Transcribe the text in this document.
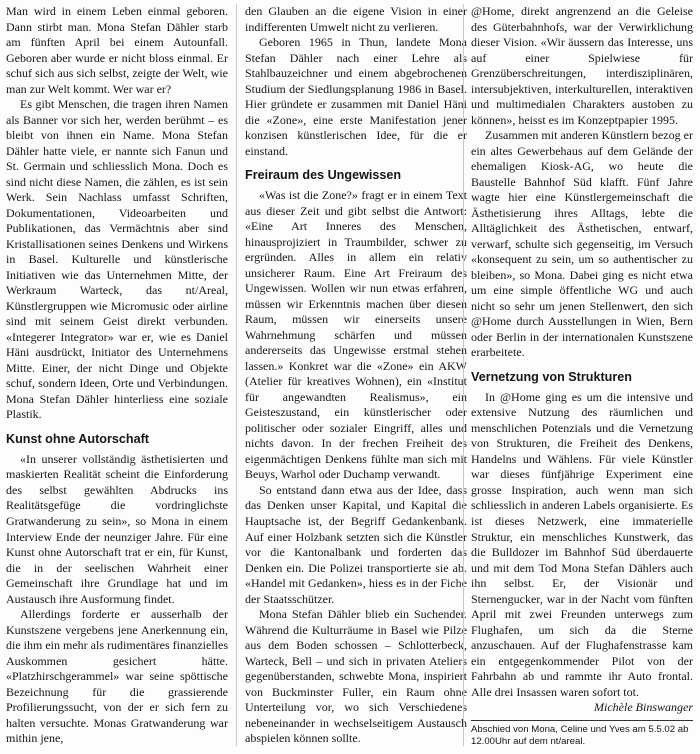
Man wird in einem Leben einmal geboren. Dann stirbt man. Mona Stefan Dähler starb am fünften April bei einem Autounfall. Geboren aber wurde er nicht bloss einmal. Er schuf sich aus sich selbst, zeigte der Welt, wie man zur Welt kommt. Wer war er?

Es gibt Menschen, die tragen ihren Namen als Banner vor sich her, werden berühmt – es bleibt von ihnen ein Name. Mona Stefan Dähler hatte viele, er nannte sich Fanun und St. Germain und schliesslich Mona. Doch es sind nicht diese Namen, die zählen, es ist sein Werk. Sein Nachlass umfasst Schriften, Dokumentationen, Videoarbeiten und Publikationen, das Vermächtnis aber sind Kristallisationen seines Denkens und Wirkens in Basel. Kulturelle und künstlerische Initiativen wie das Unternehmen Mitte, der Werkraum Warteck, das nt/Areal, Künstlergruppen wie Micromusic oder airline sind mit seinem Geist direkt verbunden. «Integerer Integrator» war er, wie es Daniel Häni ausdrückt, Initiator des Unternehmens Mitte. Einer, der nicht Dinge und Objekte schuf, sondern Ideen, Orte und Verbindungen. Mona Stefan Dähler hinterliess eine soziale Plastik.

Kunst ohne Autorschaft

«In unserer vollständig ästhetisierten und maskierten Realität scheint die Einforderung des selbst gewählten Abdrucks ins Realitätsgefüge die vordringlichste Gratwanderung zu sein», so Mona in einem Interview Ende der neunziger Jahre. Für eine Kunst ohne Autorschaft trat er ein, für Kunst, die in der seelischen Wahrheit einer Gemeinschaft ihre Grundlage hat und im Austausch ihre Ausformung findet.

Allerdings forderte er ausserhalb der Kunstszene vergebens jene Anerkennung ein, die ihm ein mehr als rudimentäres finanzielles Auskommen gesichert hätte. «Platzhirschgerammel» war seine spöttische Bezeichnung für die grassierende Profilierungssucht, von der er sich fern zu halten versuchte. Monas Gratwanderung war mithin jene,

den Glauben an die eigene Vision in einer indifferenten Umwelt nicht zu verlieren.

Geboren 1965 in Thun, landete Mona Stefan Dähler nach einer Lehre als Stahlbauzeichner und einem abgebrochenen Studium der Siedlungsplanung 1986 in Basel. Hier gründete er zusammen mit Daniel Häni die «Zone», eine erste Manifestation jener konzisen künstlerischen Idee, für die er einstand.

Freiraum des Ungewissen

«Was ist die Zone?» fragt er in einem Text aus dieser Zeit und gibt selbst die Antwort: «Eine Art Inneres des Menschen, hinausprojiziert in Traumbilder, schwer zu ergründen. Alles in allem ein relativ unsicherer Raum. Eine Art Freiraum des Ungewissen. Wollen wir nun etwas erfahren, müssen wir Erkenntnis machen über diesen Raum, müssen wir einerseits unsere Wahrnehmung schärfen und müssen andererseits das Ungewisse erstmal stehen lassen.» Konkret war die «Zone» ein AKW (Atelier für kreatives Wohnen), ein «Institut für angewandten Realismus», ein Geisteszustand, ein künstlerischer oder politischer oder sozialer Eingriff, alles und nichts davon. In der frechen Freiheit des eigenmächtigen Denkens fühlte man sich mit Beuys, Warhol oder Duchamp verwandt.

So entstand dann etwa aus der Idee, dass das Denken unser Kapital, und Kapital die Hauptsache ist, der Begriff Gedankenbank. Auf einer Holzbank setzten sich die Künstler vor die Kantonalbank und forderten das Denken ein. Die Polizei transportierte sie ab. «Handel mit Gedanken», hiess es in der Fiche der Staatsschützer.

Mona Stefan Dähler blieb ein Suchender. Während die Kulturräume in Basel wie Pilze aus dem Boden schossen – Schlotterbeck, Warteck, Bell – und sich in privaten Ateliers gegenüberstanden, schwebte Mona, inspiriert von Buckminster Fuller, ein Raum ohne Unterteilung vor, wo sich Verschiedenes nebeneinander in wechselseitigem Austausch abspielen können sollte.

@Home, direkt angrenzend an die Geleise des Güterbahnhofs, war der Verwirklichung dieser Vision. «Wir äussern das Interesse, uns auf einer Spielwiese für Grenzüberschreitungen, interdisziplinären, intersubjektiven, interkulturellen, interaktiven und multimedialen Charakters austoben zu können», heisst es im Konzeptpapier 1995.

Zusammen mit anderen Künstlern bezog er ein altes Gewerbehaus auf dem Gelände der ehemaligen Kiosk-AG, wo heute die Baustelle Bahnhof Süd klafft. Fünf Jahre wagte hier eine Künstlergemeinschaft die Ästhetisierung ihres Alltags, lebte die Alltäglichkeit des Ästhetischen, entwarf, verwarf, schulte sich gegenseitig, im Versuch «konsequent zu sein, um so authentischer zu bleiben», so Mona. Dabei ging es nicht etwa um eine simple öffentliche WG und auch nicht so sehr um jenen Stellenwert, den sich @Home durch Ausstellungen in Wien, Bern oder Berlin in der internationalen Kunstszene erarbeitete.

Vernetzung von Strukturen

In @Home ging es um die intensive und extensive Nutzung des räumlichen und menschlichen Potenzials und die Vernetzung von Strukturen, die Freiheit des Denkens, Handelns und Wählens. Für viele Künstler war dieses fünfjährige Experiment eine grosse Inspiration, auch wenn man sich schliesslich in anderen Labels organisierte. Es ist dieses Netzwerk, eine immaterielle Struktur, ein menschliches Kunstwerk, das die Bulldozer im Bahnhof Süd überdauerte und mit dem Tod Mona Stefan Dählers auch ihn selbst. Er, der Visionär und Sternengucker, war in der Nacht vom fünften April mit zwei Freunden unterwegs zum Flughafen, um sich da die Sterne anzuschauen. Auf der Flughafenstrasse kam ein entgegenkommender Pilot von der Fahrbahn ab und rammte ihr Auto frontal. Alle drei Insassen waren sofort tot.

Michèle Binswanger

Abschied von Mona, Celine und Yves am 5.5.02 ab 12.00Uhr auf dem nt/areal.
